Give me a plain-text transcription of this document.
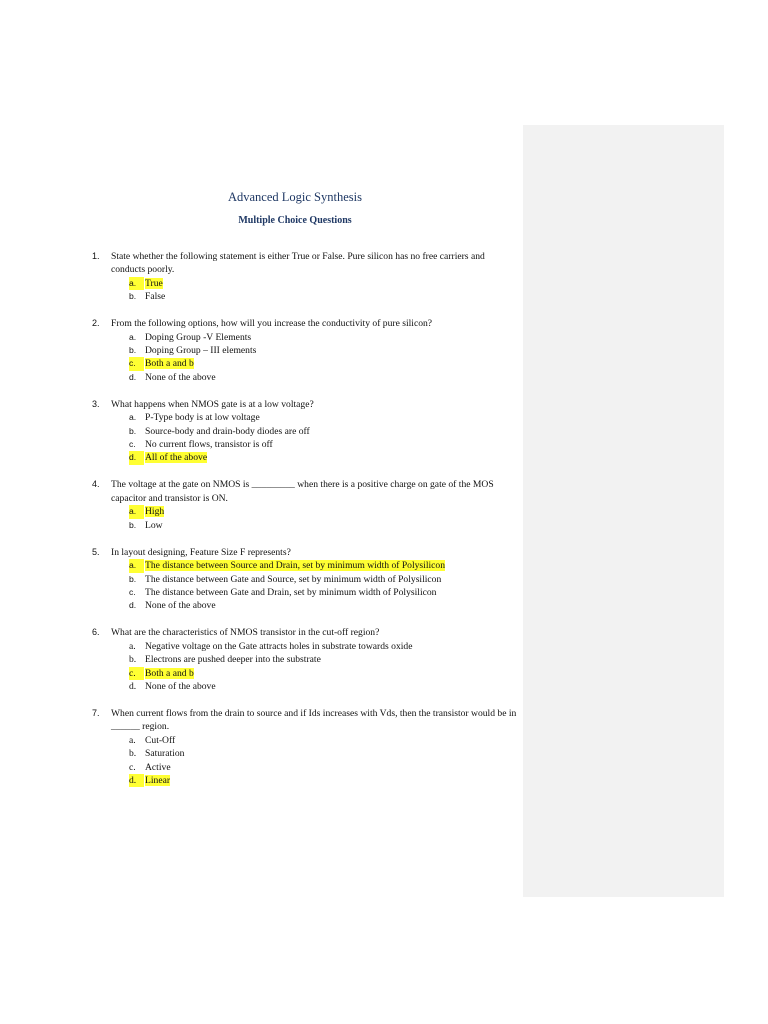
Advanced Logic Synthesis
Multiple Choice Questions
1. State whether the following statement is either True or False. Pure silicon has no free carriers and conducts poorly.
a. True
b. False
2. From the following options, how will you increase the conductivity of pure silicon?
a. Doping Group -V Elements
b. Doping Group – III elements
c. Both a and b
d. None of the above
3. What happens when NMOS gate is at a low voltage?
a. P-Type body is at low voltage
b. Source-body and drain-body diodes are off
c. No current flows, transistor is off
d. All of the above
4. The voltage at the gate on NMOS is _________ when there is a positive charge on gate of the MOS capacitor and transistor is ON.
a. High
b. Low
5. In layout designing, Feature Size F represents?
a. The distance between Source and Drain, set by minimum width of Polysilicon
b. The distance between Gate and Source, set by minimum width of Polysilicon
c. The distance between Gate and Drain, set by minimum width of Polysilicon
d. None of the above
6. What are the characteristics of NMOS transistor in the cut-off region?
a. Negative voltage on the Gate attracts holes in substrate towards oxide
b. Electrons are pushed deeper into the substrate
c. Both a and b
d. None of the above
7. When current flows from the drain to source and if Ids increases with Vds, then the transistor would be in ______ region.
a. Cut-Off
b. Saturation
c. Active
d. Linear
